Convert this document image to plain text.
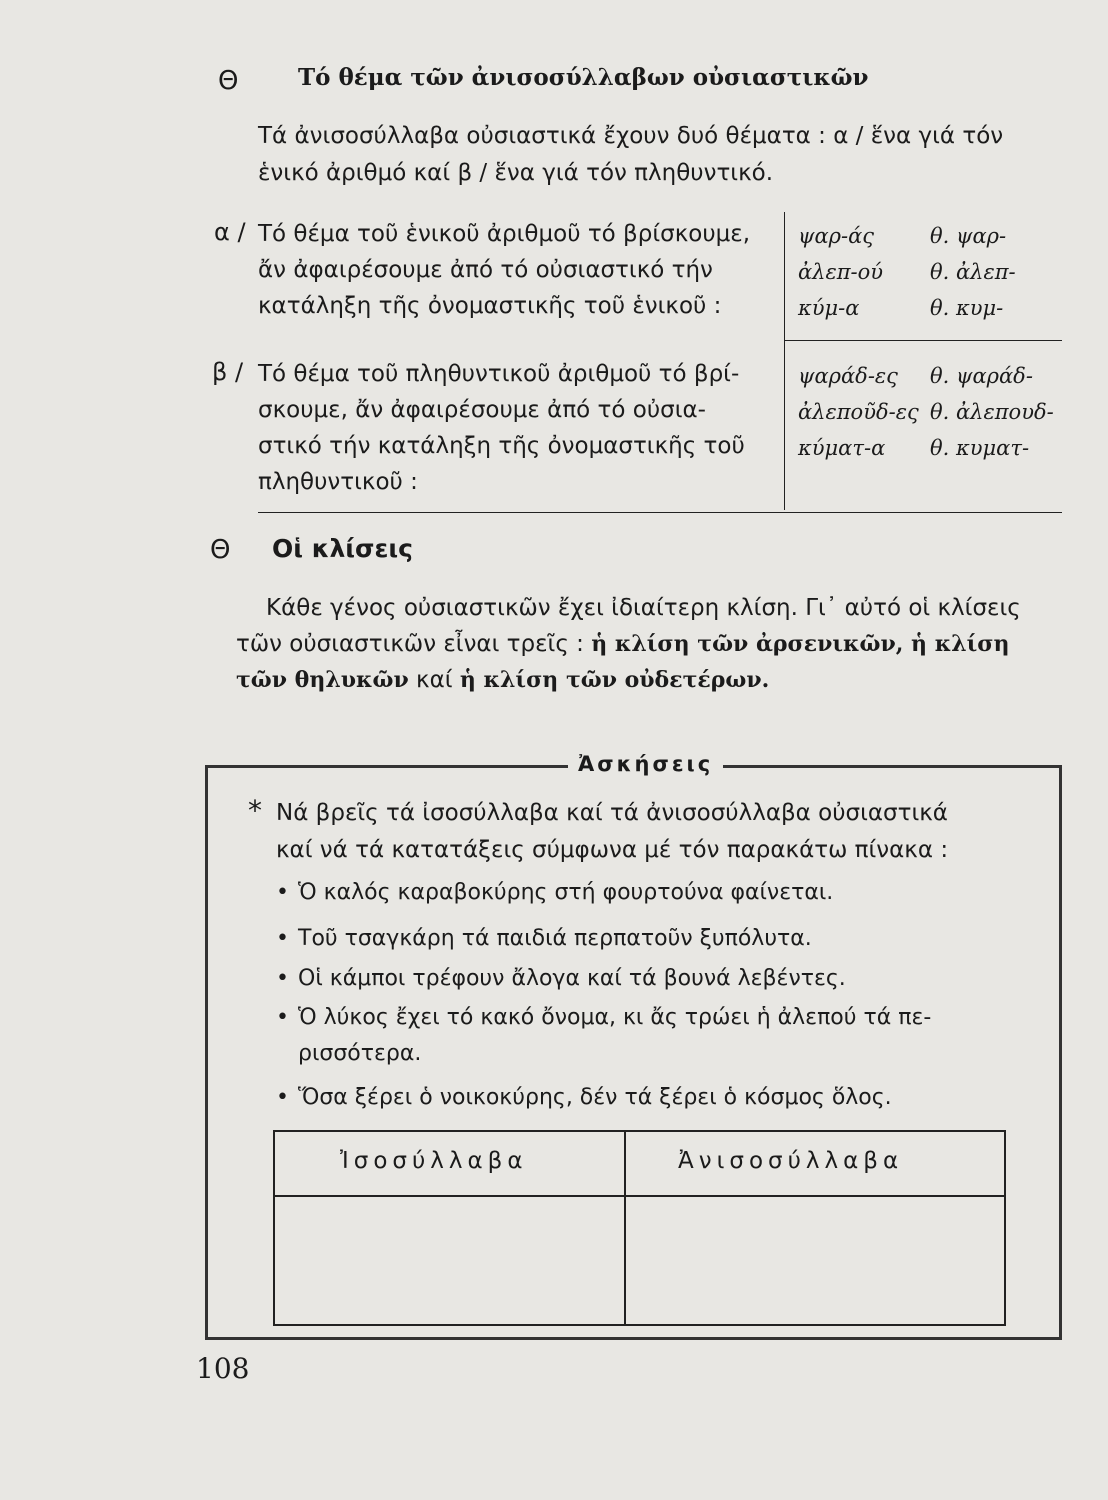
Θ	Τό θέμα τῶν ἀνισοσύλλαβων οὐσιαστικῶν
Τά ἀνισοσύλλαβα οὐσιαστικά ἔχουν δυό θέματα : α / ἕνα γιά τόν
ἑνικό ἀριθμό καί β / ἕνα γιά τόν πληθυντικό.
α / Τό θέμα τοῦ ἑνικοῦ ἀριθμοῦ τό βρίσκουμε,
ἄν ἀφαιρέσουμε ἀπό τό οὐσιαστικό τήν
κατάληξη τῆς ὀνομαστικῆς τοῦ ἑνικοῦ :
ψαρ-άς
ἀλεπ-ού
κύμ-α
θ. ψαρ-
θ. ἀλεπ-
θ. κυμ-
β / Τό θέμα τοῦ πληθυντικοῦ ἀριθμοῦ τό βρί-
σκουμε, ἄν ἀφαιρέσουμε ἀπό τό οὐσια-
στικό τήν κατάληξη τῆς ὀνομαστικῆς τοῦ
πληθυντικοῦ :
ψαράδ-ες
ἀλεποῦδ-ες
κύματ-α
θ. ψαράδ-
θ. ἀλεπουδ-
θ. κυματ-
Θ Οἱ κλίσεις
Κάθε γένος οὐσιαστικῶν ἔχει ἰδιαίτερη κλίση. Γι᾽ αὐτό οἱ κλίσεις
τῶν οὐσιαστικῶν εἶναι τρεῖς : ἡ κλίση τῶν ἀρσενικῶν, ἡ κλίση
τῶν θηλυκῶν καί ἡ κλίση τῶν οὐδετέρων.
Ἀσκήσεις
* Νά βρεῖς τά ἰσοσύλλαβα καί τά ἀνισοσύλλαβα οὐσιαστικά
καί νά τά κατατάξεις σύμφωνα μέ τόν παρακάτω πίνακα :
• Ὁ καλός καραβοκύρης στή φουρτούνα φαίνεται.
• Τοῦ τσαγκάρη τά παιδιά περπατοῦν ξυπόλυτα.
• Οἱ κάμποι τρέφουν ἄλογα καί τά βουνά λεβέντες.
• Ὁ λύκος ἔχει τό κακό ὄνομα, κι ἄς τρώει ἡ ἀλεπού τά πε-
ρισσότερα.
• Ὅσα ξέρει ὁ νοικοκύρης, δέν τά ξέρει ὁ κόσμος ὅλος.
Ἰσοσύλλαβα	Ἀνισοσύλλαβα
108
